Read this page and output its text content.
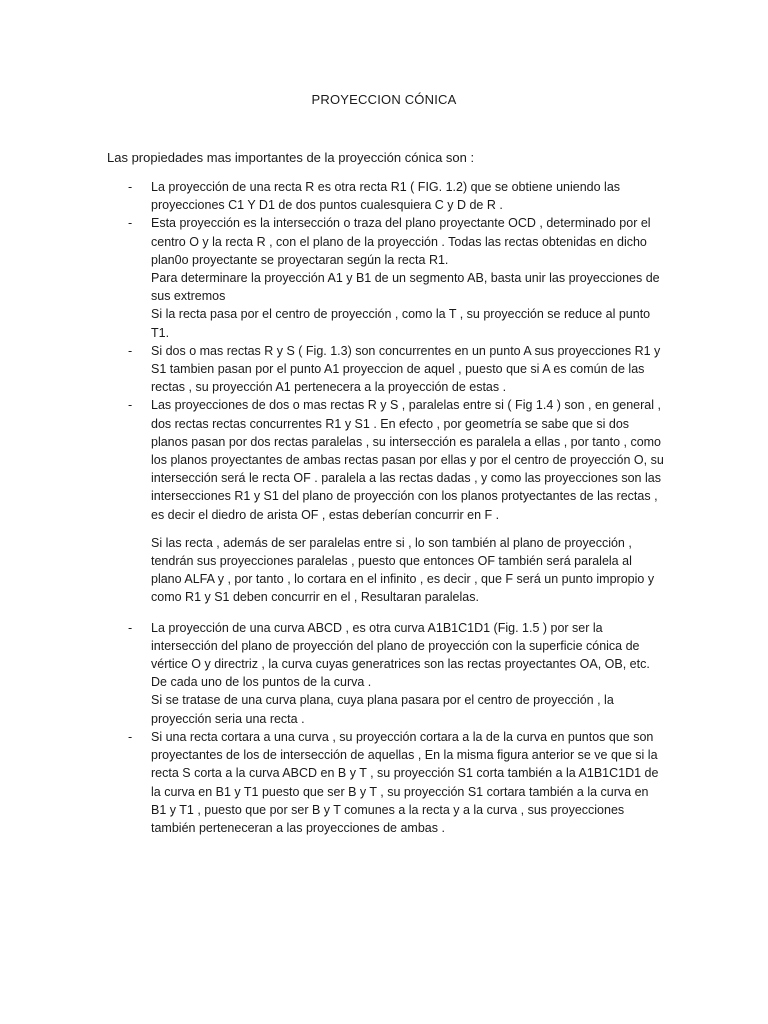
PROYECCION CÓNICA
Las propiedades mas importantes de la proyección cónica son :
- La proyección de una recta R es otra recta R1 ( FIG. 1.2) que se obtiene uniendo las proyecciones C1 Y D1 de dos puntos cualesquiera C y D de R .

- Esta proyección es la intersección o traza del plano proyectante OCD , determinado por el centro O y la recta R , con el plano de la proyección . Todas las rectas obtenidas en dicho plan0o proyectante se proyectaran según la recta R1.

Para determinare la proyección A1 y B1 de un segmento AB, basta unir las proyecciones de sus extremos

Si la recta pasa por el centro de proyección , como la T , su proyección se reduce al punto T1.

- Si dos o mas rectas R y S ( Fig. 1.3) son concurrentes en un punto A sus proyecciones R1 y S1 tambien pasan por el punto A1 proyeccion de aquel , puesto que si A es común de las rectas , su proyección A1 pertenecera a la proyección de estas .

- Las proyecciones de dos o mas rectas R y S , paralelas entre si ( Fig 1.4 ) son , en general , dos rectas rectas concurrentes R1 y S1 . En efecto , por geometría se sabe que si dos planos pasan por dos rectas paralelas , su intersección es paralela a ellas , por tanto , como los planos proyectantes de ambas rectas pasan por ellas y por el centro de proyección O, su intersección será le recta OF . paralela a las rectas dadas , y como las proyecciones son las intersecciones R1 y S1 del plano de proyección con los planos protyectantes de las rectas , es decir el diedro de arista OF , estas deberían concurrir en F .

Si las recta , además de ser paralelas entre si , lo son también al plano de proyección , tendrán sus proyecciones paralelas , puesto que entonces OF también será paralela al plano ALFA y , por tanto , lo cortara en el infinito , es decir , que F será un punto impropio y como R1 y S1 deben concurrir en el , Resultaran paralelas.

- La proyección de una curva ABCD , es otra curva A1B1C1D1 (Fig. 1.5 ) por ser la intersección del plano de proyección del plano de proyección con la superficie cónica de vértice O y directriz , la curva cuyas generatrices son las rectas proyectantes OA, OB, etc. De cada uno de los puntos de la curva .

Si se tratase de una curva plana, cuya plana pasara por el centro de proyección , la proyección seria una recta .

- Si una recta cortara a una curva , su proyección cortara a la de la curva en puntos que son proyectantes de los de intersección de aquellas , En la misma figura anterior se ve que si la recta S corta a la curva ABCD en B y T , su proyección S1 corta también a la A1B1C1D1 de la curva en B1 y T1 puesto que ser B y T , su proyección S1 cortara también a la curva en B1 y T1 , puesto que por ser B y T comunes a la recta y a la curva , sus proyecciones también perteneceran a las proyecciones de ambas .
